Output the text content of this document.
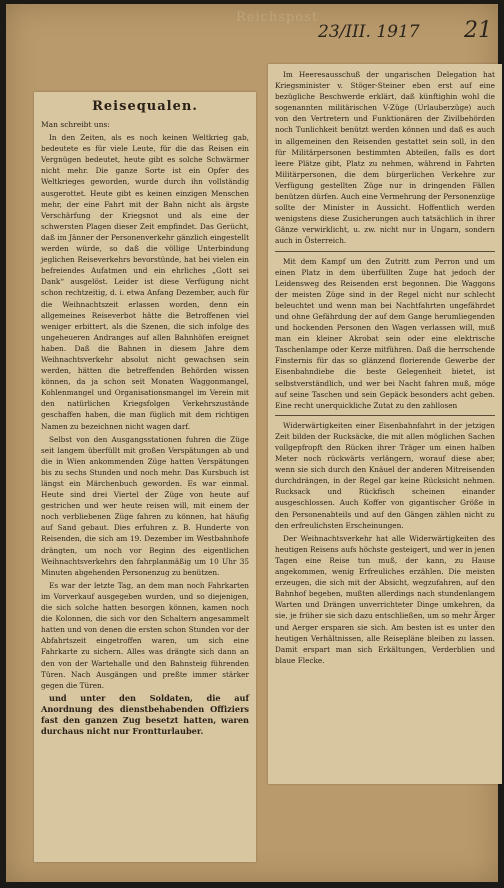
Reichspost
23/III. 1917 21
Reisequalen.
Man schreibt uns:

In den Zeiten, als es noch keinen Weltkrieg gab, bedeutete es für viele Leute, für die das Reisen ein Vergnügen bedeutet, heute gibt es solche Schwärmer nicht mehr. Die ganze Sorte ist ein Opfer des Weltkrieges geworden, wurde durch ihn vollständig ausgerottet. Heute gibt es keinen einzigen Menschen mehr, der eine Fahrt mit der Bahn nicht als ärgste Verschärfung der Kriegsnot und als eine der schwersten Plagen dieser Zeit empfindet. Das Gerücht, daß im Jänner der Personenverkehr gänzlich eingestellt werden würde, so daß die völlige Unterbindung jeglichen Reiseverkehrs bevorstünde, hat bei vielen ein befreiendes Aufatmen und ein ehrliches „Gott sei Dank“ ausgelöst. Leider ist diese Verfügung nicht schon rechtzeitig, d. i. etwa Anfang Dezember, auch für die Weihnachtszeit erlassen worden, denn ein allgemeines Reiseverbot hätte die Betroffenen viel weniger erbittert, als die Szenen, die sich infolge des ungeheueren Andranges auf allen Bahnhöfen ereignet haben. Daß die Bahnen in diesem Jahre dem Weihnachtsverkehr absolut nicht gewachsen sein werden, hätten die betreffenden Behörden wissen können, da ja schon seit Monaten Waggonmangel, Kohlenmangel und Organisationsmangel im Verein mit den natürlichen Kriegsfolgen Verkehrszustände geschaffen haben, die man füglich mit dem richtigen Namen zu bezeichnen nicht wagen darf.

Selbst von den Ausgangsstationen fuhren die Züge seit langem überfüllt mit großen Verspätungen ab und die in Wien ankommenden Züge hatten Verspätungen bis zu sechs Stunden und noch mehr. Das Kursbuch ist längst ein Märchenbuch geworden. Es war einmal. Heute sind drei Viertel der Züge von heute auf gestrichen und wer heute reisen will, mit einem der noch verbliebenen Züge fahren zu können, hat häufig auf Sand gebaut. Dies erfuhren z. B. Hunderte von Reisenden, die sich am 19. Dezember im Westbahnhofe drängten, um noch vor Beginn des eigentlichen Weihnachtsverkehrs den fahrplanmäßig um 10 Uhr 35 Minuten abgehenden Personenzug zu benützen.

Es war der letzte Tag, an dem man noch Fahrkarten im Vorverkauf ausgegeben wurden, und so diejenigen, die sich solche hatten besorgen können, kamen noch die Kolonnen, die sich vor den Schaltern angesammelt hatten und von denen die ersten schon Stunden vor der Abfahrtszeit eingetroffen waren, um sich eine Fahrkarte zu sichern. Alles was drängte sich dann an den von der Wartehalle und den Bahnsteig führenden Türen. Nach Ausgängen und preßte immer stärker gegen die Türen.

und unter den Soldaten, die auf Anordnung des dienstbehabenden Offiziers fast den ganzen Zug besetzt hatten, waren durchaus nicht nur Frontturlauber.

Im Heeresausschuß der ungarischen Delegation hat Kriegsminister v. Stöger-Steiner eben erst auf eine bezügliche Beschwerde erklärt, daß künftighin wohl die sogenannten militärischen V-Züge (Urlauberzüge) auch von den Vertretern und Funktionären der Zivilbehörden noch Tunlichkeit benützt werden können und daß es auch in allgemeinen den Reisenden gestattet sein soll, in den für Militärpersonen bestimmten Abteilen, falls es dort leere Plätze gibt, Platz zu nehmen, während in Fahrten Militärpersonen, die dem bürgerlichen Verkehre zur Verfügung gestellten Züge nur in dringenden Fällen benützen dürfen. Auch eine Vermehrung der Personenzüge sollte der Minister in Aussicht. Hoffentlich werden wenigstens diese Zusicherungen auch tatsächlich in ihrer Gänze verwirklicht, u. zw. nicht nur in Ungarn, sondern auch in Österreich.

Mit dem Kampf um den Zutritt zum Perron und um einen Platz in dem überfüllten Zuge hat jedoch der Leidensweg des Reisenden erst begonnen. Die Waggons der meisten Züge sind in der Regel nicht nur schlecht beleuchtet und wenn man bei Nachtfahrten ungefährdet und ohne Gefährdung der auf dem Gange herumliegenden und hockenden Personen den Wagen verlassen will, muß man ein kleiner Akrobat sein oder eine elektrische Taschenlampe oder Kerze mitführen. Daß die herrschende Finsternis für das so glänzend florierende Gewerbe der Eisenbahndiebe die beste Gelegenheit bietet, ist selbstverständlich, und wer bei Nacht fahren muß, möge auf seine Taschen und sein Gepäck besonders acht geben. Eine recht unerquickliche Zutat zu den zahllosen

Widerwärtigkeiten einer Eisenbahnfahrt in der jetzigen Zeit bilden der Rucksäcke, die mit allen möglichen Sachen vollgepfropft den Rücken ihrer Träger um einen halben Meter noch rückwärts verlängern, worauf diese aber, wenn sie sich durch den Knäuel der anderen Mitreisenden durchdrängen, in der Regel gar keine Rücksicht nehmen. Rucksack und Rückfisch scheinen einander ausgeschlossen. Auch Koffer von gigantischer Größe in den Personenabteils und auf den Gängen zählen nicht zu den erfreulichsten Erscheinungen.

Der Weihnachtsverkehr hat alle Widerwärtigkeiten des heutigen Reisens aufs höchste gesteigert, und wer in jenen Tagen eine Reise tun muß, der kann, zu Hause angekommen, wenig Erfreuliches erzählen. Die meisten erzeugen, die sich mit der Absicht, wegzufahren, auf den Bahnhof begeben, mußten allerdings nach stundenlangem Warten und Drängen unverrichteter Dinge umkehren, da sie, je früher sie sich dazu entschließen, um so mehr Ärger und Aerger ersparen sie sich. Am besten ist es unter den heutigen Verhältnissen, alle Reisepläne bleiben zu lassen. Damit erspart man sich Erkältungen, Verderblien und blaue Flecke.
